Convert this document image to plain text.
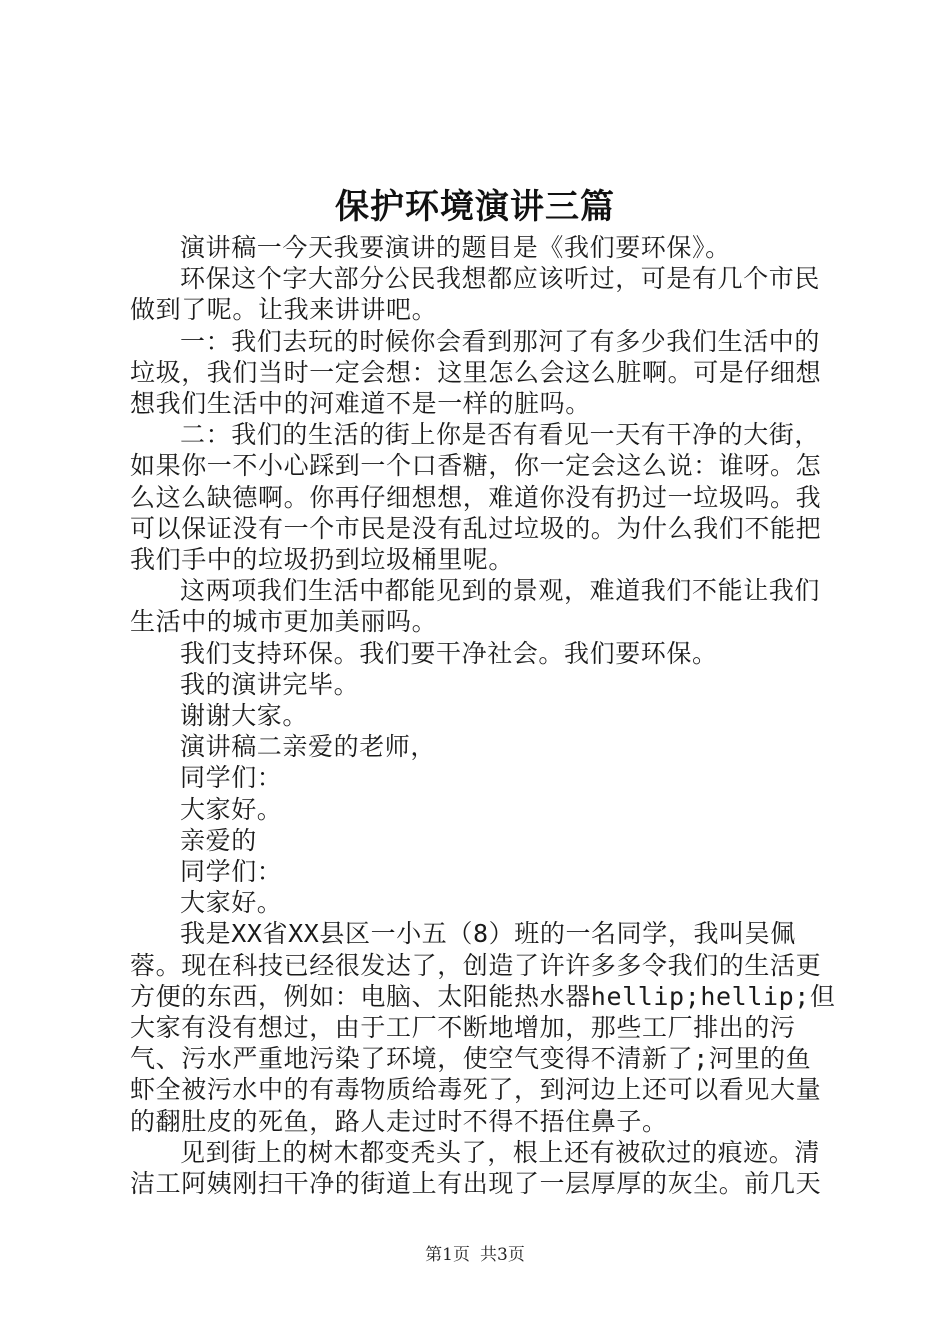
保护环境演讲三篇

演讲稿一今天我要演讲的题目是《我们要环保》。

环保这个字大部分公民我想都应该听过，可是有几个市民做到了呢。让我来讲讲吧。

一：我们去玩的时候你会看到那河了有多少我们生活中的垃圾，我们当时一定会想：这里怎么会这么脏啊。可是仔细想想我们生活中的河难道不是一样的脏吗。

二：我们的生活的街上你是否有看见一天有干净的大街，如果你一不小心踩到一个口香糖，你一定会这么说：谁呀。怎么这么缺德啊。你再仔细想想，难道你没有扔过一垃圾吗。我可以保证没有一个市民是没有乱过垃圾的。为什么我们不能把我们手中的垃圾扔到垃圾桶里呢。

这两项我们生活中都能见到的景观，难道我们不能让我们生活中的城市更加美丽吗。

我们支持环保。我们要干净社会。我们要环保。

我的演讲完毕。

谢谢大家。

演讲稿二亲爱的老师，

同学们：

大家好。

亲爱的

同学们：

大家好。

我是XX省XX县区一小五（8）班的一名同学，我叫吴佩蓉。现在科技已经很发达了，创造了许许多多令我们的生活更方便的东西，例如：电脑、太阳能热水器hellip;hellip;但大家有没有想过，由于工厂不断地增加，那些工厂排出的污气、污水严重地污染了环境，使空气变得不清新了;河里的鱼虾全被污水中的有毒物质给毒死了，到河边上还可以看见大量的翻肚皮的死鱼，路人走过时不得不捂住鼻子。

见到街上的树木都变秃头了，根上还有被砍过的痕迹。清洁工阿姨刚扫干净的街道上有出现了一层厚厚的灰尘。前几天

第1页 共3页
